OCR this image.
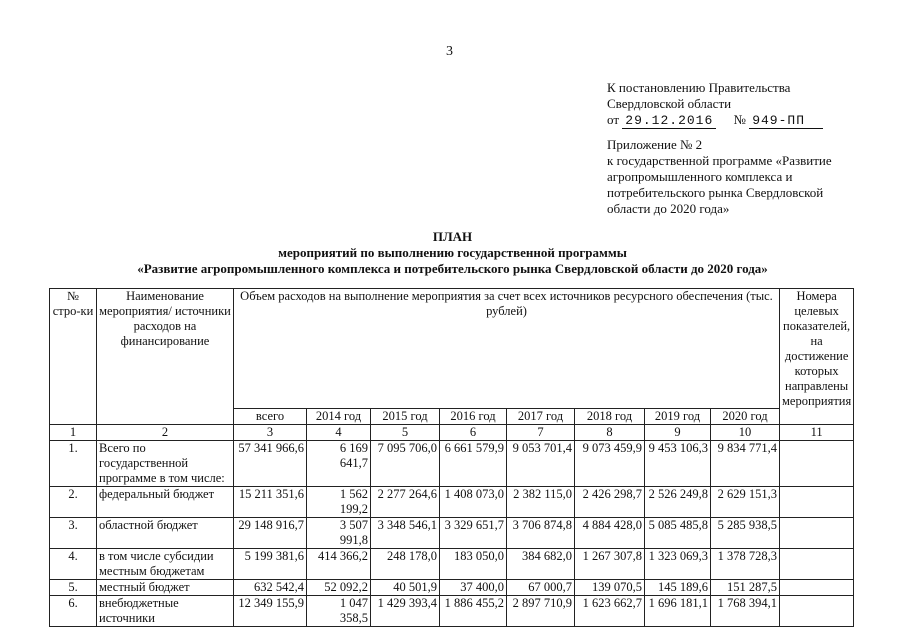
3
К постановлению Правительства
Свердловской области
от 29.12.2016 № 949-ПП
Приложение № 2
к государственной программе «Развитие агропромышленного комплекса и потребительского рынка Свердловской области до 2020 года»
ПЛАН
мероприятий по выполнению государственной программы
«Развитие агропромышленного комплекса и потребительского рынка Свердловской области до 2020 года»
№ стро-ки	Наименование мероприятия/ источники расходов на финансирование	Объем расходов на выполнение мероприятия за счет всех источников ресурсного обеспечения (тыс. рублей)								Номера целевых показателей, на достижение которых направлены мероприятия
		всего	2014 год	2015 год	2016 год	2017 год	2018 год	2019 год	2020 год	
1	2	3	4	5	6	7	8	9	10	11
1.	Всего по государственной программе в том числе:	57 341 966,6	6 169 641,7	7 095 706,0	6 661 579,9	9 053 701,4	9 073 459,9	9 453 106,3	9 834 771,4	
2.	федеральный бюджет	15 211 351,6	1 562 199,2	2 277 264,6	1 408 073,0	2 382 115,0	2 426 298,7	2 526 249,8	2 629 151,3	
3.	областной бюджет	29 148 916,7	3 507 991,8	3 348 546,1	3 329 651,7	3 706 874,8	4 884 428,0	5 085 485,8	5 285 938,5	
4.	в том числе субсидии местным бюджетам	5 199 381,6	414 366,2	248 178,0	183 050,0	384 682,0	1 267 307,8	1 323 069,3	1 378 728,3	
5.	местный бюджет	632 542,4	52 092,2	40 501,9	37 400,0	67 000,7	139 070,5	145 189,6	151 287,5	
6.	внебюджетные источники	12 349 155,9	1 047 358,5	1 429 393,4	1 886 455,2	2 897 710,9	1 623 662,7	1 696 181,1	1 768 394,1	
